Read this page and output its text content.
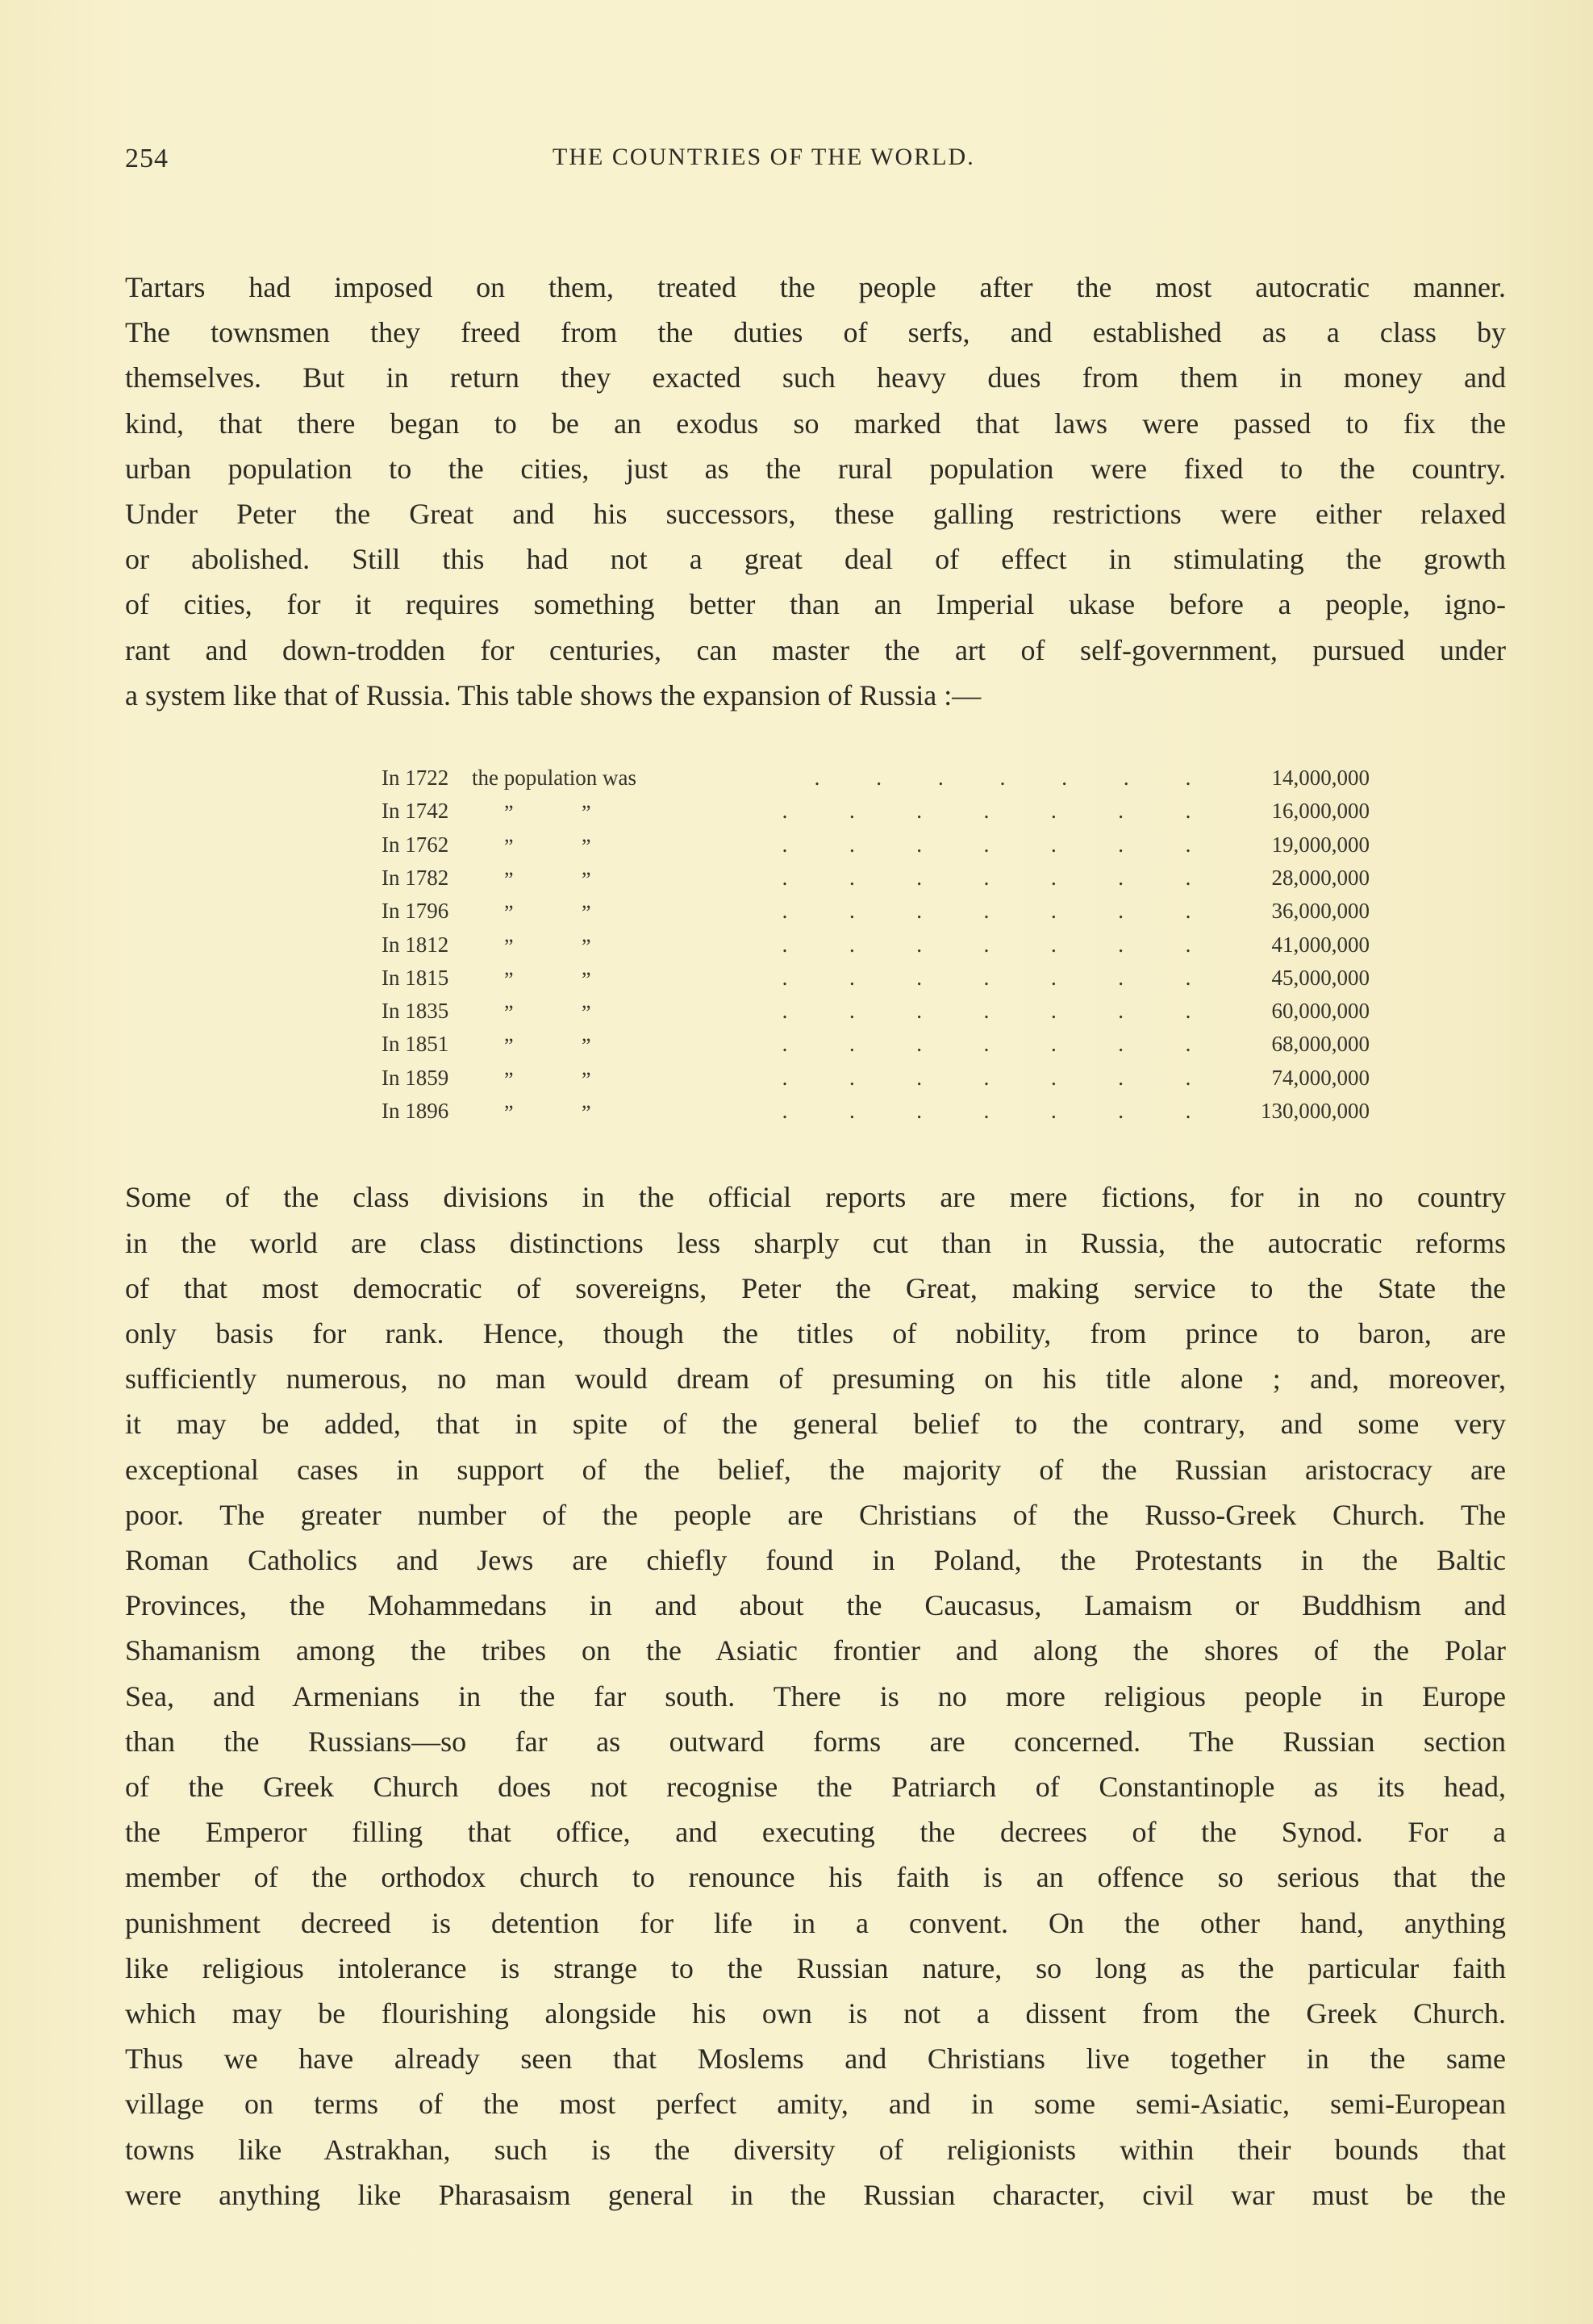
254	THE COUNTRIES OF THE WORLD.

Tartars had imposed on them, treated the people after the most autocratic manner.
The townsmen they freed from the duties of serfs, and established as a class by
themselves. But in return they exacted such heavy dues from them in money and
kind, that there began to be an exodus so marked that laws were passed to fix the
urban population to the cities, just as the rural population were fixed to the country.
Under Peter the Great and his successors, these galling restrictions were either relaxed
or abolished. Still this had not a great deal of effect in stimulating the growth
of cities, for it requires something better than an Imperial ukase before a people, igno-
rant and down-trodden for centuries, can master the art of self-government, pursued under
a system like that of Russia. This table shows the expansion of Russia :—

In 1722 the population was	.	.	.	.	.	.	.	14,000,000
In 1742	”	”	.	.	.	.	.	.	.	16,000,000
In 1762	”	”	.	.	.	.	.	.	.	19,000,000
In 1782	”	”	.	.	.	.	.	.	.	28,000,000
In 1796	”	”	.	.	.	.	.	.	.	36,000,000
In 1812	”	”	.	.	.	.	.	.	.	41,000,000
In 1815	”	”	.	.	.	.	.	.	.	45,000,000
In 1835	”	”	.	.	.	.	.	.	.	60,000,000
In 1851	”	”	.	.	.	.	.	.	.	68,000,000
In 1859	”	”	.	.	.	.	.	.	.	74,000,000
In 1896	”	”	.	.	.	.	.	.	.	130,000,000

Some of the class divisions in the official reports are mere fictions, for in no country
in the world are class distinctions less sharply cut than in Russia, the autocratic reforms
of that most democratic of sovereigns, Peter the Great, making service to the State the
only basis for rank. Hence, though the titles of nobility, from prince to baron, are
sufficiently numerous, no man would dream of presuming on his title alone ; and, moreover,
it may be added, that in spite of the general belief to the contrary, and some very
exceptional cases in support of the belief, the majority of the Russian aristocracy are
poor. The greater number of the people are Christians of the Russo-Greek Church. The
Roman Catholics and Jews are chiefly found in Poland, the Protestants in the Baltic
Provinces, the Mohammedans in and about the Caucasus, Lamaism or Buddhism and
Shamanism among the tribes on the Asiatic frontier and along the shores of the Polar
Sea, and Armenians in the far south. There is no more religious people in Europe
than the Russians—so far as outward forms are concerned. The Russian section
of the Greek Church does not recognise the Patriarch of Constantinople as its head,
the Emperor filling that office, and executing the decrees of the Synod. For a
member of the orthodox church to renounce his faith is an offence so serious that the
punishment decreed is detention for life in a convent. On the other hand, anything
like religious intolerance is strange to the Russian nature, so long as the particular faith
which may be flourishing alongside his own is not a dissent from the Greek Church.
Thus we have already seen that Moslems and Christians live together in the same
village on terms of the most perfect amity, and in some semi-Asiatic, semi-European
towns like Astrakhan, such is the diversity of religionists within their bounds that
were anything like Pharasaism general in the Russian character, civil war must be the
